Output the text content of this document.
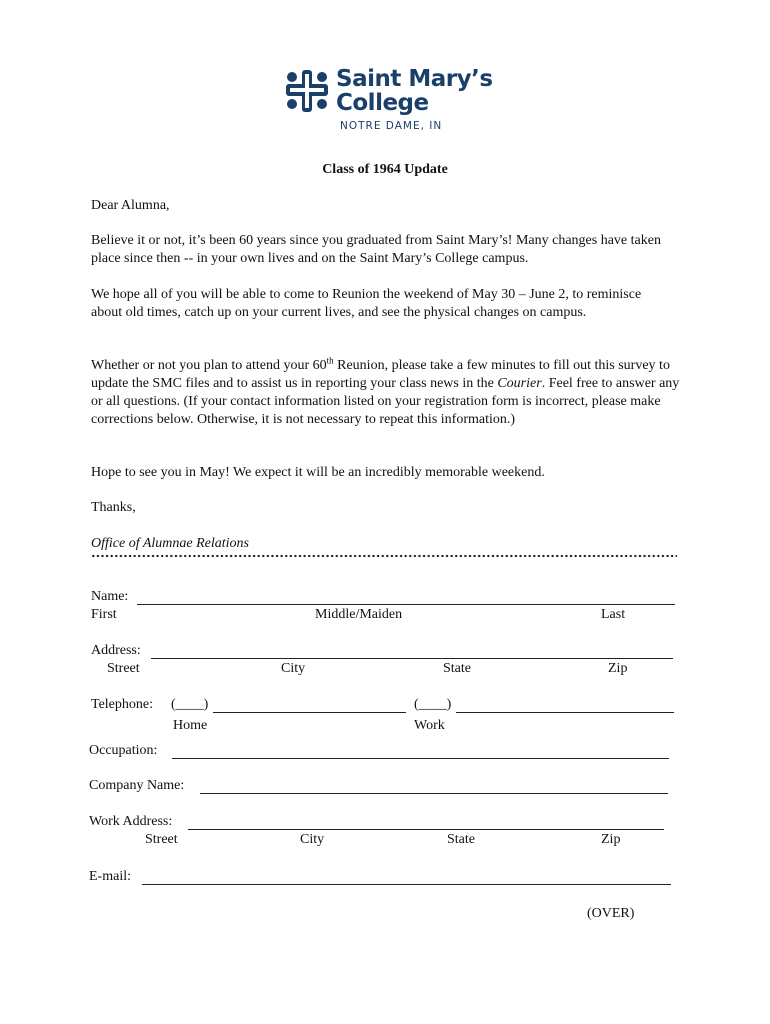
Saint Mary’s
College
NOTRE DAME, IN
Class of 1964 Update
Dear Alumna,
Believe it or not, it’s been 60 years since you graduated from Saint Mary’s! Many changes have taken place since then -- in your own lives and on the Saint Mary’s College campus.
We hope all of you will be able to come to Reunion the weekend of May 30 – June 2, to reminisce about old times, catch up on your current lives, and see the physical changes on campus.
Whether or not you plan to attend your 60th Reunion, please take a few minutes to fill out this survey to update the SMC files and to assist us in reporting your class news in the Courier. Feel free to answer any or all questions. (If your contact information listed on your registration form is incorrect, please make corrections below. Otherwise, it is not necessary to repeat this information.)
Hope to see you in May! We expect it will be an incredibly memorable weekend.
Thanks,
Office of Alumnae Relations
Name:
First	Middle/Maiden	Last
Address:
Street	City	State	Zip
Telephone: (____)	(____)
Home	Work
Occupation:
Company Name:
Work Address:
Street	City	State	Zip
E-mail:
(OVER)
